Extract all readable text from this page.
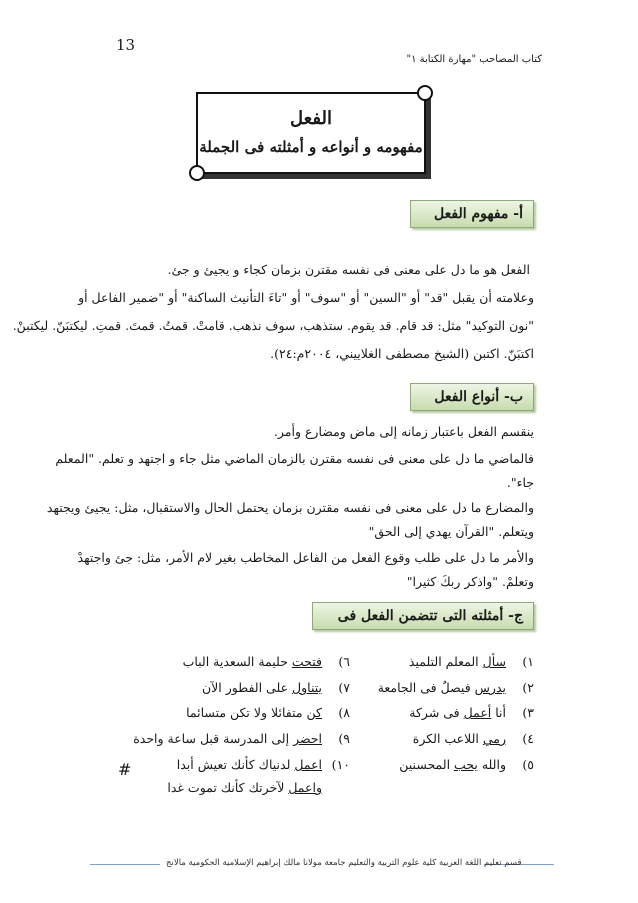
13
كتاب المصاحب "مهارة الكتابة ١"
الفعل
مفهومه و أنواعه و أمثلته فى الجملة
أ- مفهوم الفعل
الفعل هو ما دل على معنى فى نفسه مقترن بزمان كجاء و يجيئ و جئ.
وعلامته أن يقبل "قد" أو "السين" أو "سوف" أو "تاءَ التأنيث الساكنة" أو "ضمير الفاعل أو
"نون التوكيد" مثل: قد قام. قد يقوم. ستذهب، سوف نذهب. قامتْ. قمتُ. قمتَ. قمتِ. ليكتبَنّ. ليكتبنْ.
اكتبَنّ. اكتبن (الشيخ مصطفى الغلاييني، ٢٠٠٤م:٢٤).
ب- أنواع الفعل
ينقسم الفعل باعتبار زمانه إلى ماض ومضارع وأمر.
فالماضي ما دل على معنى فى نفسه مقترن بالزمان الماضي مثل جاء و اجتهد و تعلم. "المعلم
جاء".
والمضارع ما دل على معنى فى نفسه مقترن بزمان يحتمل الحال والاستقبال، مثل: يجيئ ويجتهد
ويتعلم. "القرآن يهدي إلى الحق"
والأمر ما دل على طلب وقوع الفعل من الفاعل المخاطب بغير لام الأمر، مثل: جئ واجتهدْ
وتعلمْ. "واذكر ربكَ كثيرا"
ج- أمثلته التى تتضمن الفعل فى
١)سأل المعلم التلميذ
٢)يدرس فيصلٌ فى الجامعة
٣)أنا أعمل فى شركة
٤)رمي اللاعب الكرة
٥)والله يحب المحسنين
٦)فتحت حليمة السعدية الباب
٧)يتناول على الفطور الآن
٨)كن متفائلا ولا تكن متسائما
٩)احضر إلى المدرسة قبل ساعة واحدة
١٠)اعمل لدنياك كأنك تعيش أبدا
واعمل لآخرتك كأنك تموت غدا
#
قسم تعليم اللغة العربية كلية علوم التربية والتعليم جامعة مولانا مالك إبراهيم الإسلامية الحكومية مالانج
